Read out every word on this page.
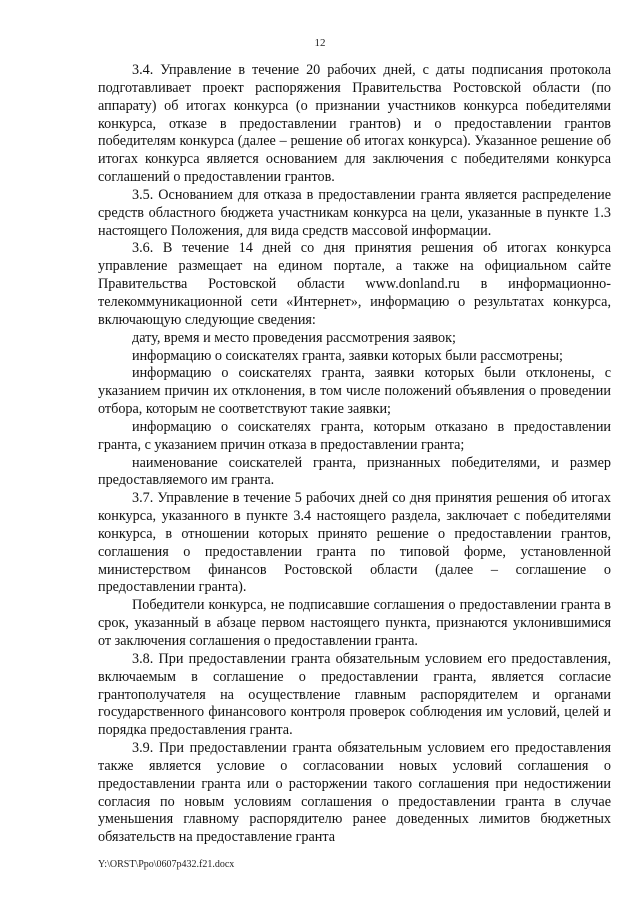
12

3.4. Управление в течение 20 рабочих дней, с даты подписания протокола подготавливает проект распоряжения Правительства Ростовской области (по аппарату) об итогах конкурса (о признании участников конкурса победителями конкурса, отказе в предоставлении грантов) и о предоставлении грантов победителям конкурса (далее – решение об итогах конкурса). Указанное решение об итогах конкурса является основанием для заключения с победителями конкурса соглашений о предоставлении грантов.

3.5. Основанием для отказа в предоставлении гранта является распределение средств областного бюджета участникам конкурса на цели, указанные в пункте 1.3 настоящего Положения, для вида средств массовой информации.

3.6. В течение 14 дней со дня принятия решения об итогах конкурса управление размещает на едином портале, а также на официальном сайте Правительства Ростовской области www.donland.ru в информационно-телекоммуникационной сети «Интернет», информацию о результатах конкурса, включающую следующие сведения:

дату, время и место проведения рассмотрения заявок;

информацию о соискателях гранта, заявки которых были рассмотрены;

информацию о соискателях гранта, заявки которых были отклонены, с указанием причин их отклонения, в том числе положений объявления о проведении отбора, которым не соответствуют такие заявки;

информацию о соискателях гранта, которым отказано в предоставлении гранта, с указанием причин отказа в предоставлении гранта;

наименование соискателей гранта, признанных победителями, и размер предоставляемого им гранта.

3.7. Управление в течение 5 рабочих дней со дня принятия решения об итогах конкурса, указанного в пункте 3.4 настоящего раздела, заключает с победителями конкурса, в отношении которых принято решение о предоставлении грантов, соглашения о предоставлении гранта по типовой форме, установленной министерством финансов Ростовской области (далее – соглашение о предоставлении гранта).

Победители конкурса, не подписавшие соглашения о предоставлении гранта в срок, указанный в абзаце первом настоящего пункта, признаются уклонившимися от заключения соглашения о предоставлении гранта.

3.8. При предоставлении гранта обязательным условием его предоставления, включаемым в соглашение о предоставлении гранта, является согласие грантополучателя на осуществление главным распорядителем и органами государственного финансового контроля проверок соблюдения им условий, целей и порядка предоставления гранта.

3.9. При предоставлении гранта обязательным условием его предоставления также является условие о согласовании новых условий соглашения о предоставлении гранта или о расторжении такого соглашения при недостижении согласия по новым условиям соглашения о предоставлении гранта в случае уменьшения главному распорядителю ранее доведенных лимитов бюджетных обязательств на предоставление гранта

Y:\ORST\Ppo\0607p432.f21.docx
